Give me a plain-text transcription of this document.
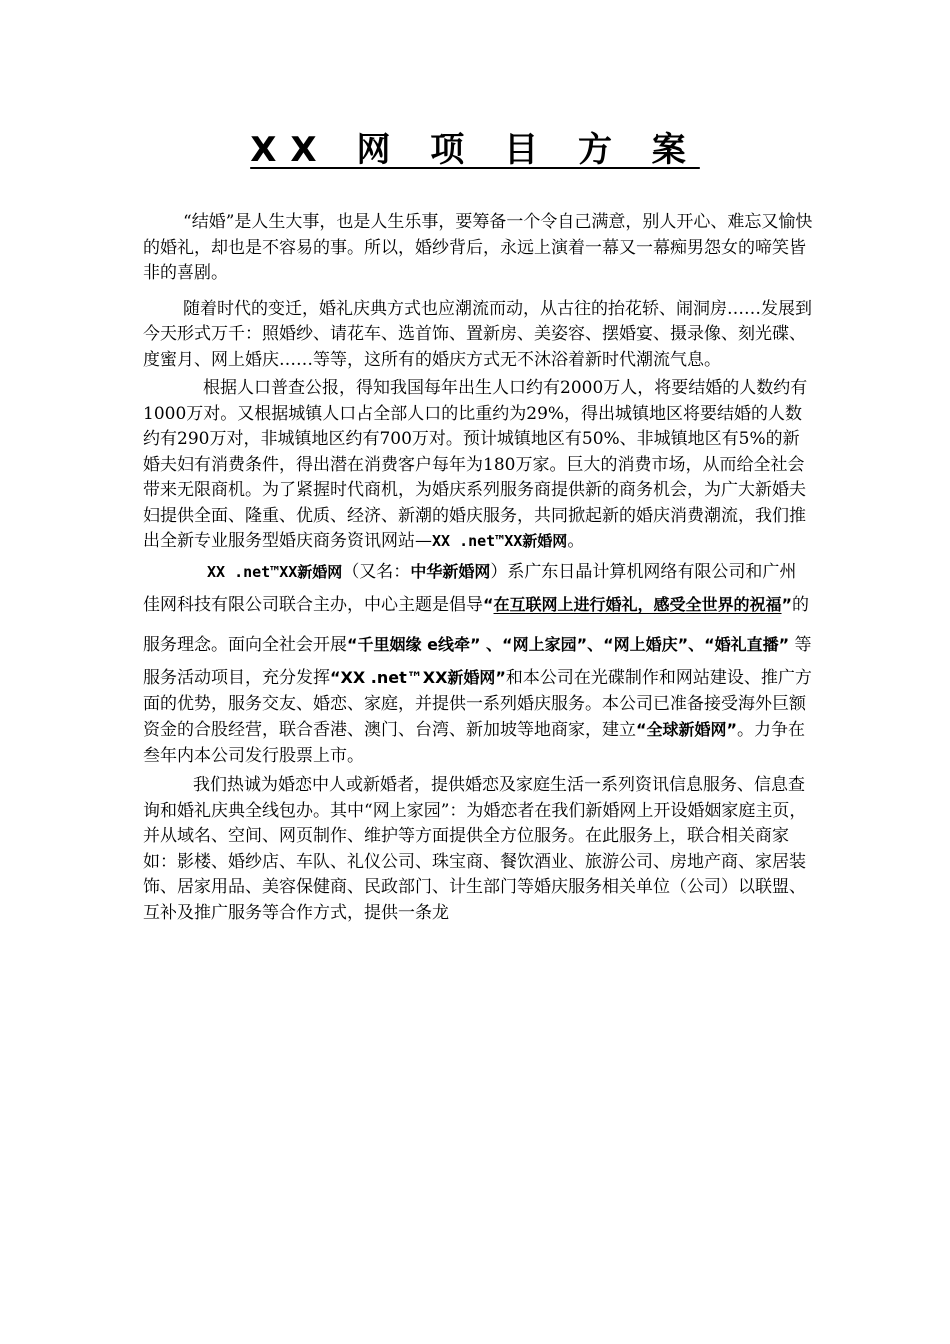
XX 网 项 目 方 案

“结婚”是人生大事，也是人生乐事，要筹备一个令自己满意，别人开心、难忘又愉快的婚礼，却也是不容易的事。所以，婚纱背后，永远上演着一幕又一幕痴男怨女的啼笑皆非的喜剧。

随着时代的变迁，婚礼庆典方式也应潮流而动，从古往的抬花轿、闹洞房……发展到今天形式万千：照婚纱、请花车、选首饰、置新房、美姿容、摆婚宴、摄录像、刻光碟、度蜜月、网上婚庆……等等，这所有的婚庆方式无不沐浴着新时代潮流气息。

根据人口普查公报，得知我国每年出生人口约有2000万人，将要结婚的人数约有1000万对。又根据城镇人口占全部人口的比重约为29%，得出城镇地区将要结婚的人数约有290万对，非城镇地区约有700万对。预计城镇地区有50%、非城镇地区有5%的新婚夫妇有消费条件，得出潜在消费客户每年为180万家。巨大的消费市场，从而给全社会带来无限商机。为了紧握时代商机，为婚庆系列服务商提供新的商务机会，为广大新婚夫妇提供全面、隆重、优质、经济、新潮的婚庆服务，共同掀起新的婚庆消费潮流，我们推出全新专业服务型婚庆商务资讯网站—XX .net™XX新婚网。

XX .net™XX新婚网（又名：中华新婚网）系广东日晶计算机网络有限公司和广州佳网科技有限公司联合主办，中心主题是倡导“在互联网上进行婚礼，感受全世界的祝福”的服务理念。面向全社会开展“千里姻缘 e线牵” 、“网上家园”、“网上婚庆”、“婚礼直播” 等服务活动项目，充分发挥“XX .net™XX新婚网”和本公司在光碟制作和网站建设、推广方面的优势，服务交友、婚恋、家庭，并提供一系列婚庆服务。本公司已准备接受海外巨额资金的合股经营，联合香港、澳门、台湾、新加坡等地商家，建立“全球新婚网”。力争在叁年内本公司发行股票上市。

我们热诚为婚恋中人或新婚者，提供婚恋及家庭生活一系列资讯信息服务、信息查询和婚礼庆典全线包办。其中“网上家园”：为婚恋者在我们新婚网上开设婚姻家庭主页，并从域名、空间、网页制作、维护等方面提供全方位服务。在此服务上，联合相关商家如：影楼、婚纱店、车队、礼仪公司、珠宝商、餐饮酒业、旅游公司、房地产商、家居装饰、居家用品、美容保健商、民政部门、计生部门等婚庆服务相关单位（公司）以联盟、互补及推广服务等合作方式，提供一条龙
